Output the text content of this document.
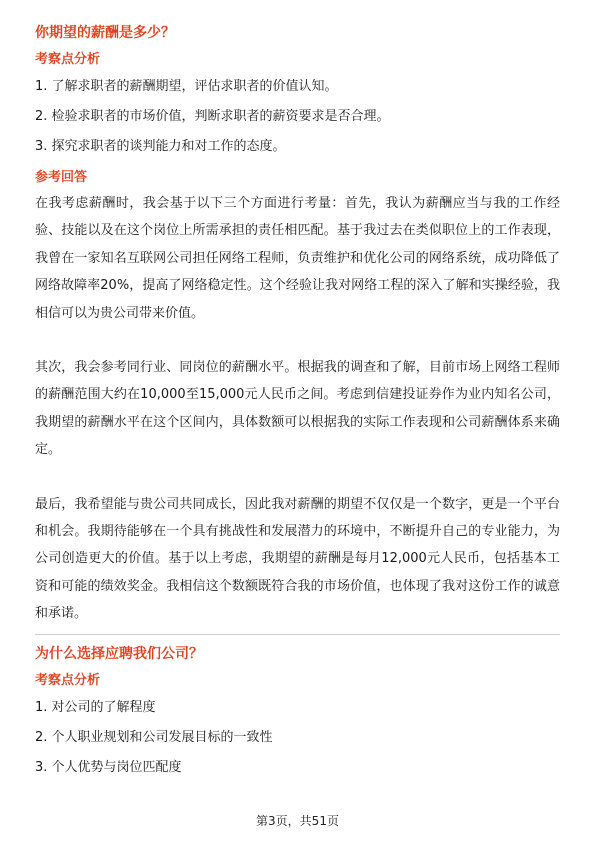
你期望的薪酬是多少？
考察点分析
1. 了解求职者的薪酬期望，评估求职者的价值认知。
2. 检验求职者的市场价值，判断求职者的薪资要求是否合理。
3. 探究求职者的谈判能力和对工作的态度。
参考回答

在我考虑薪酬时，我会基于以下三个方面进行考量：首先，我认为薪酬应当与我的工作经验、技能以及在这个岗位上所需承担的责任相匹配。基于我过去在类似职位上的工作表现，我曾在一家知名互联网公司担任网络工程师，负责维护和优化公司的网络系统，成功降低了网络故障率20%，提高了网络稳定性。这个经验让我对网络工程的深入了解和实操经验，我相信可以为贵公司带来价值。

其次，我会参考同行业、同岗位的薪酬水平。根据我的调查和了解，目前市场上网络工程师的薪酬范围大约在10,000至15,000元人民币之间。考虑到信建投证券作为业内知名公司，我期望的薪酬水平在这个区间内，具体数额可以根据我的实际工作表现和公司薪酬体系来确定。

最后，我希望能与贵公司共同成长，因此我对薪酬的期望不仅仅是一个数字，更是一个平台和机会。我期待能够在一个具有挑战性和发展潜力的环境中，不断提升自己的专业能力，为公司创造更大的价值。基于以上考虑，我期望的薪酬是每月12,000元人民币，包括基本工资和可能的绩效奖金。我相信这个数额既符合我的市场价值，也体现了我对这份工作的诚意和承诺。

为什么选择应聘我们公司？
考察点分析
1. 对公司的了解程度
2. 个人职业规划和公司发展目标的一致性
3. 个人优势与岗位匹配度
第3页，共51页
